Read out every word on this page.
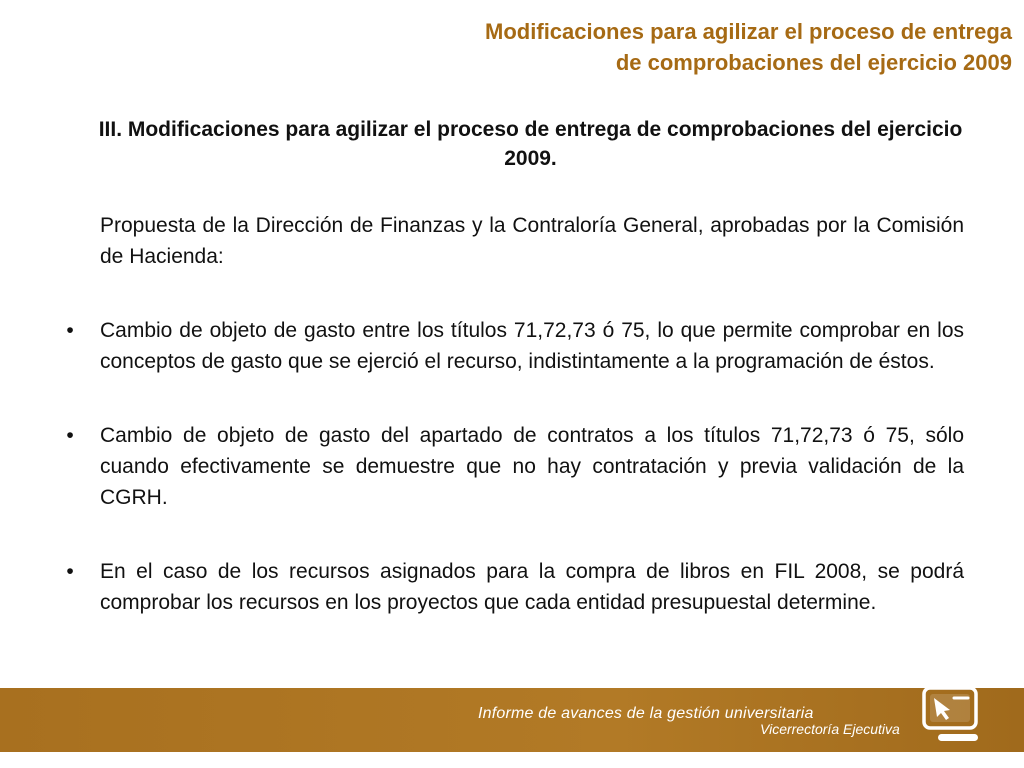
Modificaciones para agilizar el proceso de entrega
de comprobaciones del ejercicio 2009
III. Modificaciones para agilizar el proceso de entrega de comprobaciones del ejercicio 2009.
Propuesta de la Dirección de Finanzas y la Contraloría General, aprobadas por la Comisión de Hacienda:
•	Cambio de objeto de gasto entre los títulos 71,72,73 ó 75, lo que permite comprobar en los conceptos de gasto que se ejerció el recurso, indistintamente a la programación de éstos.
•	Cambio de objeto de gasto del apartado de contratos a los títulos 71,72,73 ó 75, sólo cuando efectivamente se demuestre que no hay contratación y previa validación de la CGRH.
•	En el caso de los recursos asignados para la compra de libros en FIL 2008, se podrá comprobar los recursos en los proyectos que cada entidad presupuestal determine.
Informe de avances de la gestión universitaria
Vicerrectoría Ejecutiva
